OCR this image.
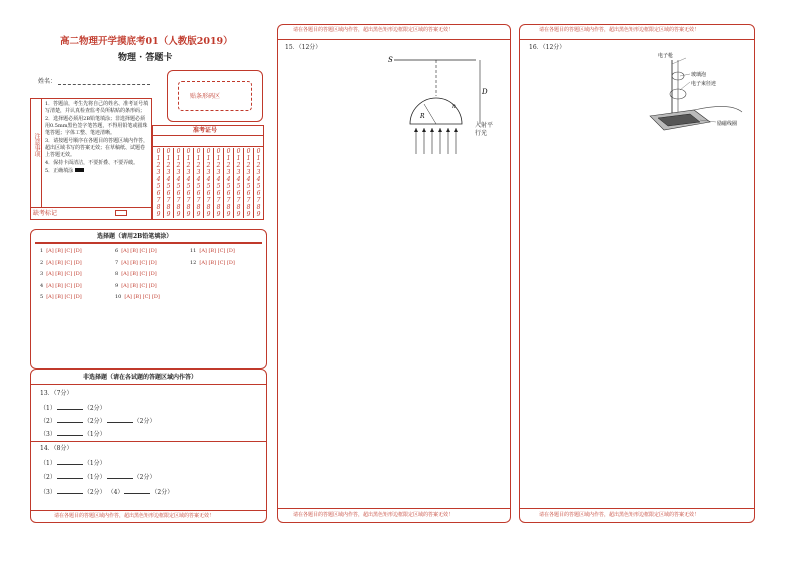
高二物理开学摸底考01（人教版2019）
物理 · 答题卡
姓名：
贴条形码区
注意事项
1．答题前，考生先将自己的姓名、准考证号填写清楚，并认真检查监考员所粘贴的条形码；
2．选择题必须用2B铅笔填涂；非选择题必须用0.5mm黑色签字笔答题，不得用铅笔或圆珠笔答题；字体工整、笔迹清晰。
3．请按题号顺序在各题目的答题区域内作答，超出区域书写的答案无效；在草稿纸、试题卷上答题无效。
4．保持卡面清洁，不要折叠、不要弄破。
5．正确填涂
缺考标记
准考证号
0
1
2
3
4
5
6
7
8
9
0
1
2
3
4
5
6
7
8
9
0
1
2
3
4
5
6
7
8
9
0
1
2
3
4
5
6
7
8
9
0
1
2
3
4
5
6
7
8
9
0
1
2
3
4
5
6
7
8
9
0
1
2
3
4
5
6
7
8
9
0
1
2
3
4
5
6
7
8
9
0
1
2
3
4
5
6
7
8
9
0
1
2
3
4
5
6
7
8
9
0
1
2
3
4
5
6
7
8
9
选择题（请用2B铅笔填涂）
1 [A] [B] [C] [D]
2 [A] [B] [C] [D]
3 [A] [B] [C] [D]
4 [A] [B] [C] [D]
5 [A] [B] [C] [D]
6 [A] [B] [C] [D]
7 [A] [B] [C] [D]
8 [A] [B] [C] [D]
9 [A] [B] [C] [D]
10 [A] [B] [C] [D]
11 [A] [B] [C] [D]
12 [A] [B] [C] [D]
非选择题（请在各试题的答题区域内作答）
13．（7分）
（1）	（2分）
（2）	（2分）	（2分）
（3）	（1分）
14．（8分）
（1）	（1分）
（2）	（1分）	（2分）
（3）	（2分） （4）	（2分）
请在各题目的答题区域内作答，超出黑色矩形边框限定区域的答案无效！
请在各题目的答题区域内作答，超出黑色矩形边框限定区域的答案无效！
请在各题目的答题区域内作答，超出黑色矩形边框限定区域的答案无效！
15．（12分）
S
D
R
n
入射平行光
请在各题目的答题区域内作答，超出黑色矩形边框限定区域的答案无效！
请在各题目的答题区域内作答，超出黑色矩形边框限定区域的答案无效！
16．（12分）
电子枪
玻璃泡
电子束径迹
励磁线圈
